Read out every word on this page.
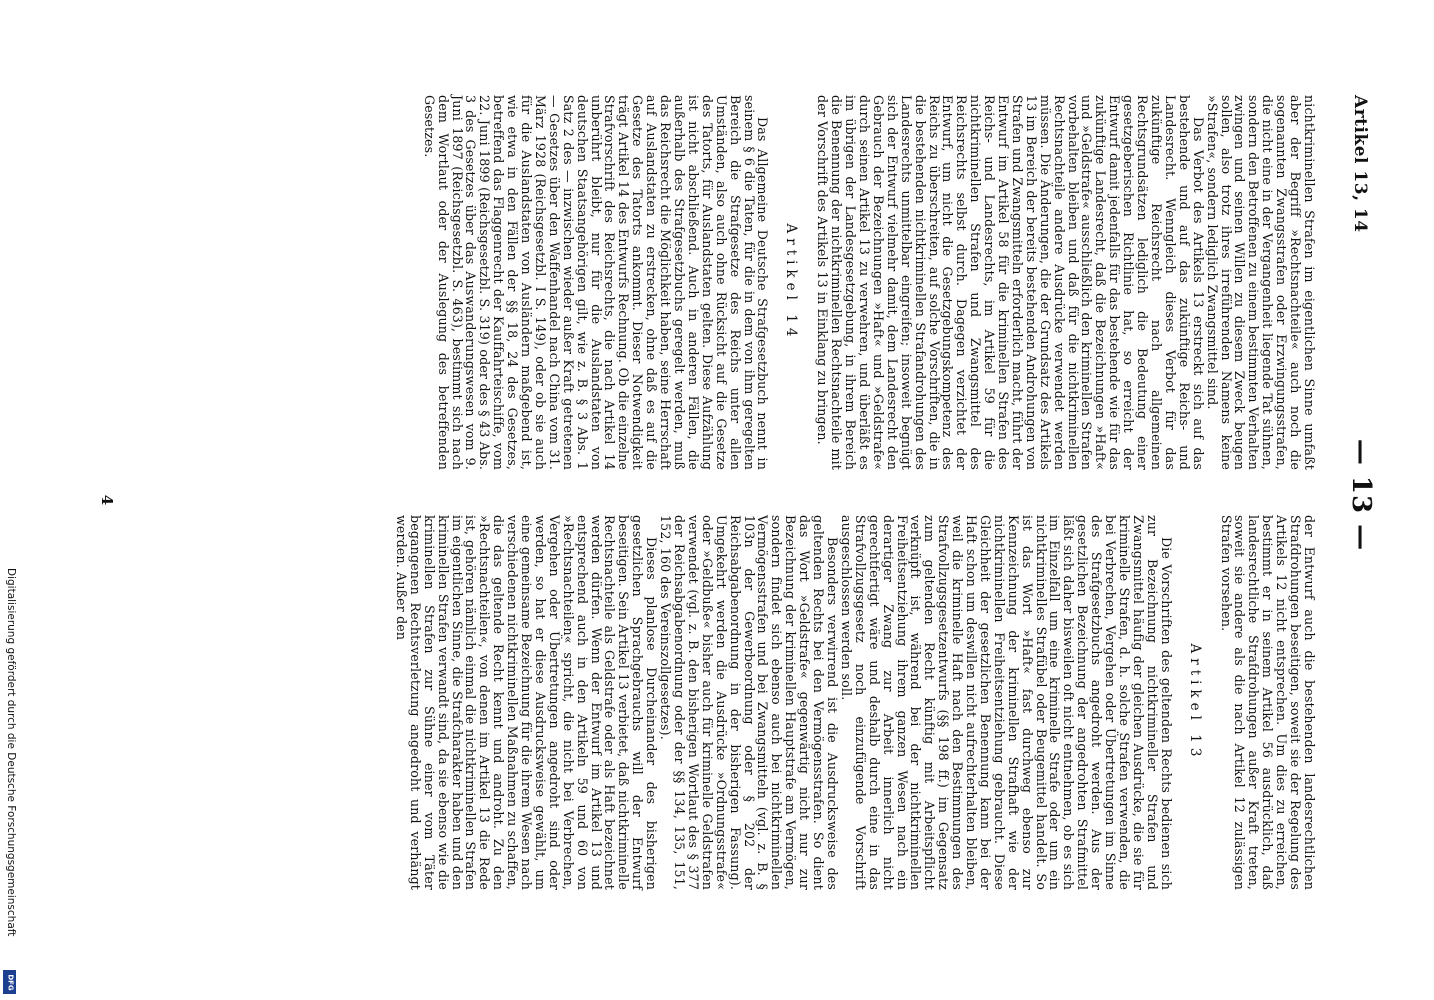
Artikel 13, 14
— 13 —

nichtkriminellen Strafen im eigentlichen Sinne umfaßt aber der Begriff »Rechtsnachteile« auch noch die sogenannten Zwangsstrafen oder Erzwingungsstrafen, die nicht eine in der Vergangenheit liegende Tat sühnen, sondern den Betroffenen zu einem bestimmten Verhalten zwingen und seinen Willen zu diesem Zweck beugen sollen, also trotz ihres irreführenden Namens keine »Strafen«, sondern lediglich Zwangsmittel sind.

Das Verbot des Artikels 13 erstreckt sich auf das bestehende und auf das zukünftige Reichs- und Landesrecht. Wenngleich dieses Verbot für das zukünftige Reichsrecht nach allgemeinen Rechtsgrundsätzen lediglich die Bedeutung einer gesetzgeberischen Richtlinie hat, so erreicht der Entwurf damit jedenfalls für das bestehende wie für das zukünftige Landesrecht, daß die Bezeichnungen »Haft« und »Geldstrafe« ausschließlich den kriminellen Strafen vorbehalten bleiben und daß für die nichtkriminellen Rechtsnachteile andere Ausdrücke verwendet werden müssen. Die Änderungen, die der Grundsatz des Artikels 13 im Bereich der bereits bestehenden Androhungen von Strafen und Zwangsmitteln erforderlich macht, führt der Entwurf im Artikel 58 für die kriminellen Strafen des Reichs- und Landesrechts, im Artikel 59 für die nichtkriminellen Strafen und Zwangsmittel des Reichsrechts selbst durch. Dagegen verzichtet der Entwurf, um nicht die Gesetzgebungskompetenz des Reichs zu überschreiten, auf solche Vorschriften, die in die bestehenden nichtkriminellen Strafandrohungen des Landesrechts unmittelbar eingreifen; insoweit begnügt sich der Entwurf vielmehr damit, dem Landesrecht den Gebrauch der Bezeichnungen »Haft« und »Geldstrafe« durch seinen Artikel 13 zu verwehren, und überläßt es im übrigen der Landesgesetzgebung, in ihrem Bereich die Benennung der nichtkriminellen Rechtsnachteile mit der Vorschrift des Artikels 13 in Einklang zu bringen.

Artikel 14

Das Allgemeine Deutsche Strafgesetzbuch nennt in seinem § 6 die Taten, für die in dem von ihm geregelten Bereich die Strafgesetze des Reichs unter allen Umständen, also auch ohne Rücksicht auf die Gesetze des Tatorts, für Auslandstaten gelten. Diese Aufzählung ist nicht abschließend. Auch in anderen Fällen, die außerhalb des Strafgesetzbuchs geregelt werden, muß das Reichsrecht die Möglichkeit haben, seine Herrschaft auf Auslandstaten zu erstrecken, ohne daß es auf die Gesetze des Tatorts ankommt. Dieser Notwendigkeit trägt Artikel 14 des Entwurfs Rechnung. Ob die einzelne Strafvorschrift des Reichsrechts, die nach Artikel 14 unberührt bleibt, nur für die Auslandstaten von deutschen Staatsangehörigen gilt, wie z. B. § 3 Abs. 1 Satz 2 des — inzwischen wieder außer Kraft getretenen — Gesetzes über den Waffenhandel nach China vom 31. März 1928 (Reichsgesetzbl. I S. 149), oder ob sie auch für die Auslandstaten von Ausländern maßgebend ist, wie etwa in den Fällen der §§ 18, 24 des Gesetzes, betreffend das Flaggenrecht der Kauffahrteischiffe, vom 22. Juni 1899 (Reichsgesetzbl. S. 319) oder des § 43 Abs. 3 des Gesetzes über das Auswanderungswesen vom 9. Juni 1897 (Reichsgesetzbl. S. 463), bestimmt sich nach dem Wortlaut oder der Auslegung des betreffenden Gesetzes.

der Entwurf auch die bestehenden landesrechtlichen Strafdrohungen beseitigen, soweit sie der Regelung des Artikels 12 nicht entsprechen. Um dies zu erreichen, bestimmt er in seinem Artikel 56 ausdrücklich, daß landesrechtliche Strafdrohungen außer Kraft treten, soweit sie andere als die nach Artikel 12 zulässigen Strafen vorsehen.

Artikel 13

Die Vorschriften des geltenden Rechts bedienen sich zur Bezeichnung nichtkrimineller Strafen und Zwangsmittel häufig der gleichen Ausdrücke, die sie für kriminelle Strafen, d. h. solche Strafen verwenden, die bei Verbrechen, Vergehen oder Übertretungen im Sinne des Strafgesetzbuchs angedroht werden. Aus der gesetzlichen Bezeichnung der angedrohten Strafmittel läßt sich daher bisweilen oft nicht entnehmen, ob es sich im Einzelfall um eine kriminelle Strafe oder um ein nichtkriminelles Strafübel oder Beugemittel handelt. So ist das Wort »Haft« fast durchweg ebenso zur Kennzeichnung der kriminellen Strafhaft wie der nichtkriminellen Freiheitsentziehung gebraucht. Diese Gleichheit der gesetzlichen Benennung kann bei der Haft schon um deswillen nicht aufrechterhalten bleiben, weil die kriminelle Haft nach den Bestimmungen des Strafvollzugsgesetzentwurfs (§§ 198 ff.) im Gegensatz zum geltenden Recht künftig mit Arbeitspflicht verknüpft ist, während bei der nichtkriminellen Freiheitsentziehung ihrem ganzen Wesen nach ein derartiger Zwang zur Arbeit innerlich nicht gerechtfertigt wäre und deshalb durch eine in das Strafvollzugsgesetz noch einzufügende Vorschrift ausgeschlossen werden soll.

Besonders verwirrend ist die Ausdrucksweise des geltenden Rechts bei den Vermögensstrafen. So dient das Wort »Geldstrafe« gegenwärtig nicht nur zur Bezeichnung der kriminellen Hauptstrafe am Vermögen, sondern findet sich ebenso auch bei nichtkriminellen Vermögensstrafen und bei Zwangsmitteln (vgl. z. B. § 103n der Gewerbeordnung oder § 202 der Reichsabgabenordnung in der bisherigen Fassung). Umgekehrt werden die Ausdrücke »Ordnungsstrafe« oder »Geldbuße« bisher auch für kriminelle Geldstrafen verwendet (vgl. z. B. den bisherigen Wortlaut des § 377 der Reichsabgabenordnung oder der §§ 134, 135, 151, 152, 160 des Vereinszollgesetzes).

Dieses planlose Durcheinander des bisherigen gesetzlichen Sprachgebrauchs will der Entwurf beseitigen. Sein Artikel 13 verbietet, daß nichtkriminelle Rechtsnachteile als Geldstrafe oder als Haft bezeichnet werden dürfen. Wenn der Entwurf im Artikel 13 und entsprechend auch in den Artikeln 59 und 60 von »Rechtsnachteilen« spricht, die nicht bei Verbrechen, Vergehen oder Übertretungen angedroht sind oder werden, so hat er diese Ausdrucksweise gewählt, um eine gemeinsame Bezeichnung für die ihrem Wesen nach verschiedenen nichtkriminellen Maßnahmen zu schaffen, die das geltende Recht kennt und androht. Zu den »Rechtsnachteilen«, von denen im Artikel 13 die Rede ist, gehören nämlich einmal die nichtkriminellen Strafen im eigentlichen Sinne, die Strafcharakter haben und den kriminellen Strafen verwandt sind, da sie ebenso wie die kriminellen Strafen zur Sühne einer vom Täter begangenen Rechtsverletzung angedroht und verhängt werden. Außer den

4
Digitalisierung gefördert durch die Deutsche Forschungsgemeinschaft
DFG
